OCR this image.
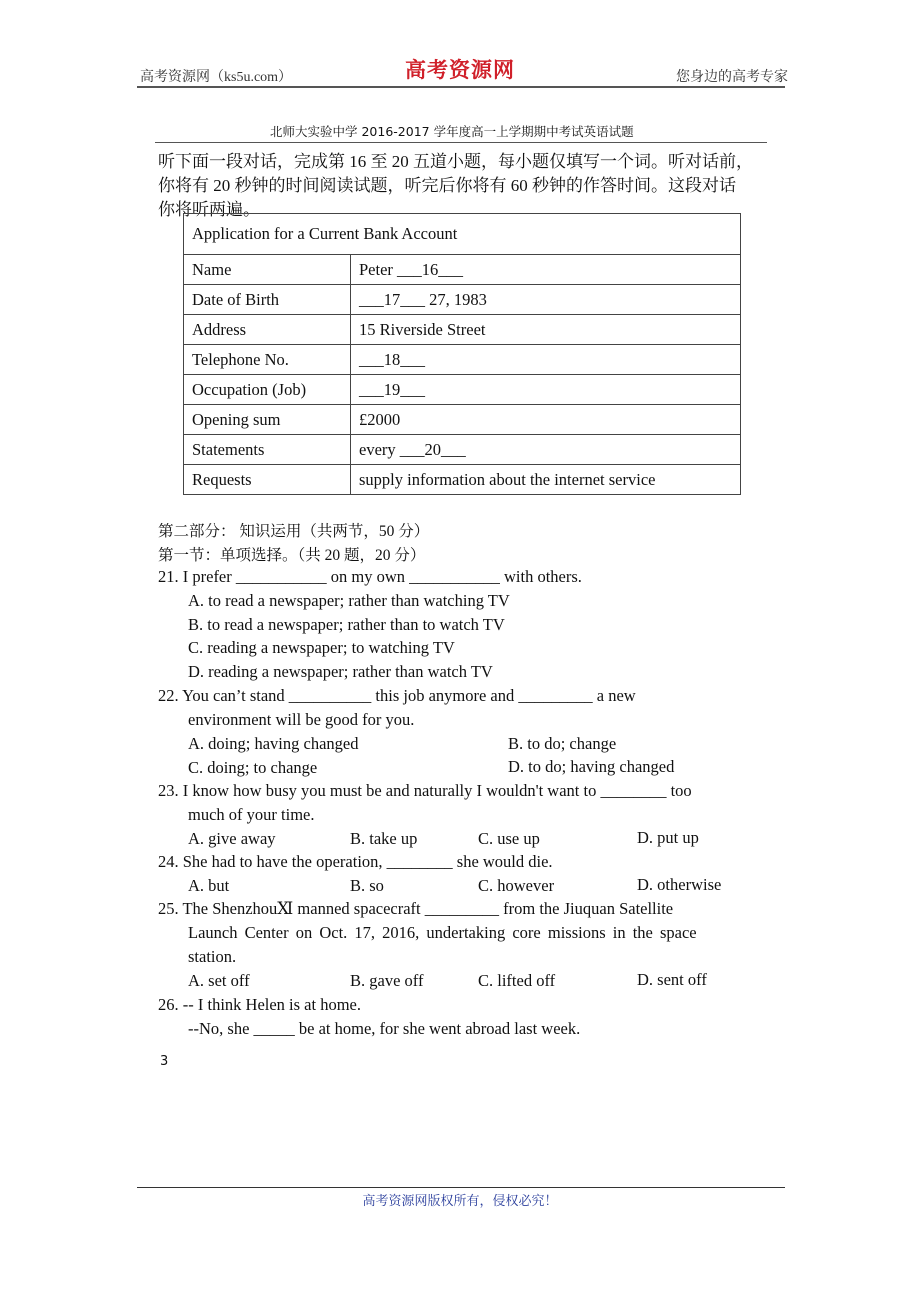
高考资源网（ks5u.com）	高考资源网	您身边的高考专家
北师大实验中学 2016-2017 学年度高一上学期期中考试英语试题
听下面一段对话，完成第 16 至 20 五道小题，每小题仅填写一个词。听对话前，
你将有 20 秒钟的时间阅读试题，听完后你将有 60 秒钟的作答时间。这段对话
你将听两遍。
Application for a Current Bank Account	
Name	Peter ___16___
Date of Birth	___17___ 27, 1983
Address	15 Riverside Street
Telephone No.	___18___
Occupation (Job)	___19___
Opening sum	£2000
Statements	every ___20___
Requests	supply information about the internet service
第二部分： 知识运用（共两节，50 分）
第一节：单项选择。（共 20 题，20 分）
21. I prefer ___________ on my own ___________ with others.
A. to read a newspaper; rather than watching TV
B. to read a newspaper; rather than to watch TV
C. reading a newspaper; to watching TV
D. reading a newspaper; rather than watch TV
22. You can’t stand __________ this job anymore and _________ a new
environment will be good for you.
A. doing; having changed	B. to do; change
C. doing; to change	D. to do; having changed
23. I know how busy you must be and naturally I wouldn't want to ________ too
much of your time.
A. give away	B. take up	C. use up	D. put up
24. She had to have the operation, ________ she would die.
A. but	B. so	C. however	D. otherwise
25. The ShenzhouⅪ manned spacecraft _________ from the Jiuquan Satellite
Launch Center on Oct. 17, 2016, undertaking core missions in the space
station.
A. set off	B. gave off	C. lifted off	D. sent off
26. -- I think Helen is at home.
--No, she _____ be at home, for she went abroad last week.
3
高考资源网版权所有，侵权必究！
